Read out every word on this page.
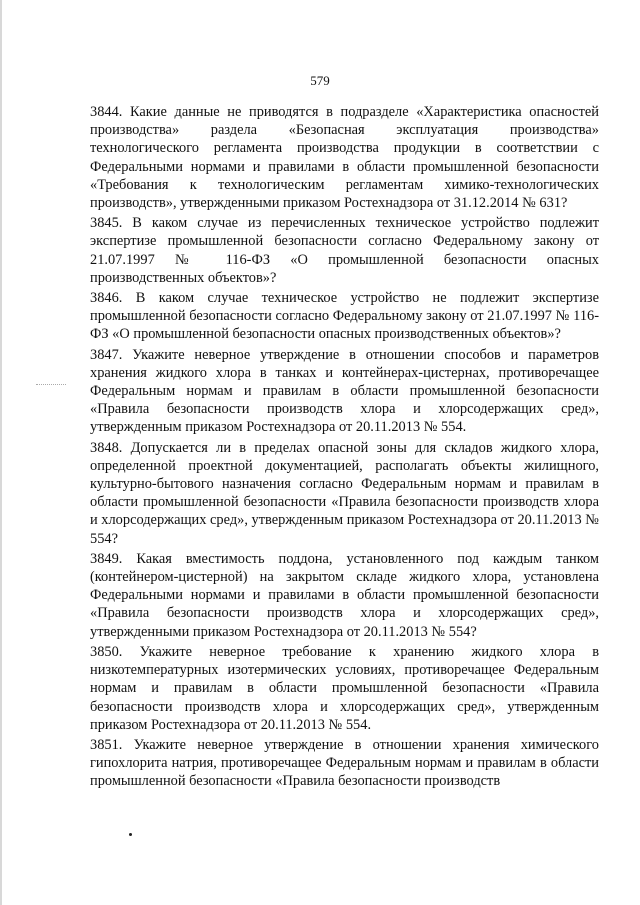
579

3844. Какие данные не приводятся в подразделе «Характеристика опасностей производства» раздела «Безопасная эксплуатация производства» технологического регламента производства продукции в соответствии с Федеральными нормами и правилами в области промышленной безопасности «Требования к технологическим регламентам химико-технологических производств», утвержденными приказом Ростехнадзора от 31.12.2014 № 631?

3845. В каком случае из перечисленных техническое устройство подлежит экспертизе промышленной безопасности согласно Федеральному закону от 21.07.1997 № 116-ФЗ «О промышленной безопасности опасных производственных объектов»?

3846. В каком случае техническое устройство не подлежит экспертизе промышленной безопасности согласно Федеральному закону от 21.07.1997 № 116-ФЗ «О промышленной безопасности опасных производственных объектов»?

3847. Укажите неверное утверждение в отношении способов и параметров хранения жидкого хлора в танках и контейнерах-цистернах, противоречащее Федеральным нормам и правилам в области промышленной безопасности «Правила безопасности производств хлора и хлорсодержащих сред», утвержденным приказом Ростехнадзора от 20.11.2013 № 554.

3848. Допускается ли в пределах опасной зоны для складов жидкого хлора, определенной проектной документацией, располагать объекты жилищного, культурно-бытового назначения согласно Федеральным нормам и правилам в области промышленной безопасности «Правила безопасности производств хлора и хлорсодержащих сред», утвержденным приказом Ростехнадзора от 20.11.2013 № 554?

3849. Какая вместимость поддона, установленного под каждым танком (контейнером-цистерной) на закрытом складе жидкого хлора, установлена Федеральными нормами и правилами в области промышленной безопасности «Правила безопасности производств хлора и хлорсодержащих сред», утвержденными приказом Ростехнадзора от 20.11.2013 № 554?

3850. Укажите неверное требование к хранению жидкого хлора в низкотемпературных изотермических условиях, противоречащее Федеральным нормам и правилам в области промышленной безопасности «Правила безопасности производств хлора и хлорсодержащих сред», утвержденным приказом Ростехнадзора от 20.11.2013 № 554.

3851. Укажите неверное утверждение в отношении хранения химического гипохлорита натрия, противоречащее Федеральным нормам и правилам в области промышленной безопасности «Правила безопасности производств
